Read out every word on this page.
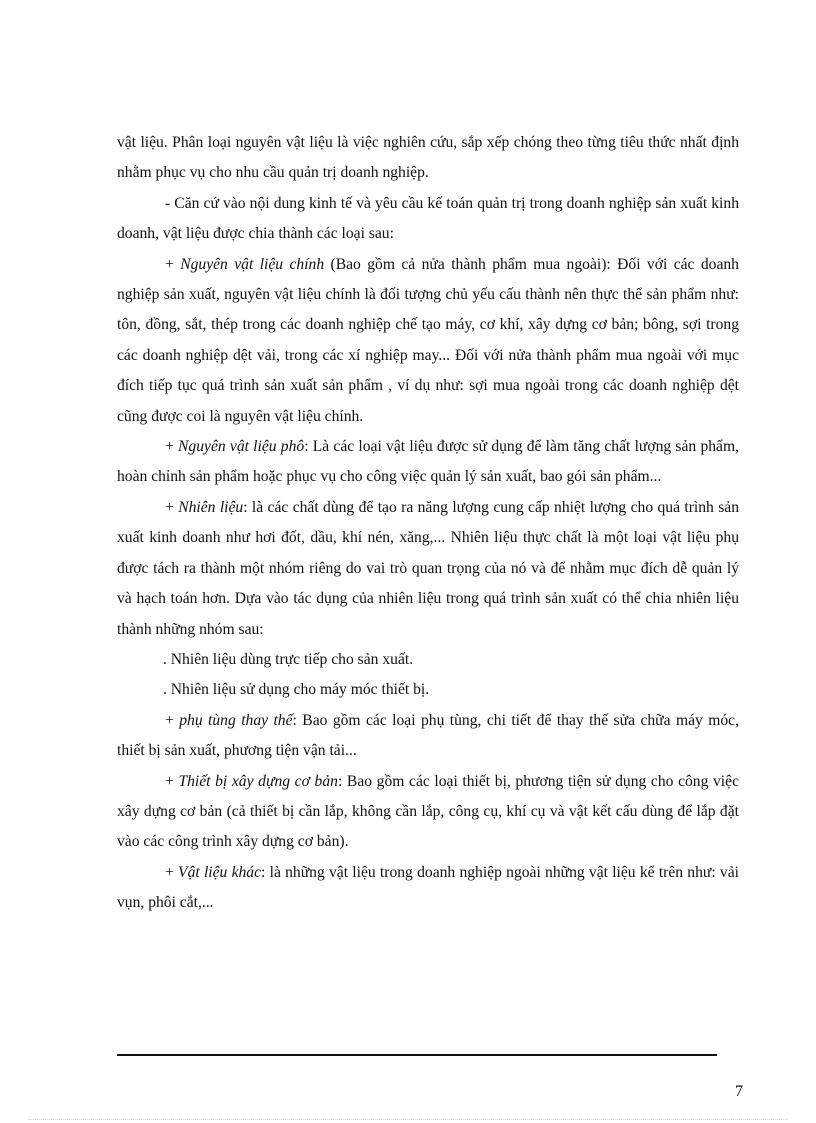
vật liệu. Phân loại nguyên vật liệu là việc nghiên cứu, sắp xếp chóng theo từng tiêu thức nhất định nhằm phục vụ cho nhu cầu quản trị doanh nghiệp.

- Căn cứ vào nội dung kinh tế và yêu cầu kế toán quản trị trong doanh nghiệp sản xuất kinh doanh, vật liệu được chia thành các loại sau:

+ Nguyên vật liệu chính (Bao gồm cả nửa thành phẩm mua ngoài): Đối với các doanh nghiệp sản xuất, nguyên vật liệu chính là đối tượng chủ yếu cấu thành nên thực thể sản phẩm như: tôn, đồng, sắt, thép trong các doanh nghiệp chế tạo máy, cơ khí, xây dựng cơ bản; bông, sợi trong các doanh nghiệp dệt vải, trong các xí nghiệp may... Đối với nửa thành phẩm mua ngoài với mục đích tiếp tục quá trình sản xuất sản phẩm , ví dụ như: sợi mua ngoài trong các doanh nghiệp dệt cũng được coi là nguyên vật liệu chính.

+ Nguyên vật liệu phô: Là các loại vật liệu được sử dụng để làm tăng chất lượng sản phẩm, hoàn chỉnh sản phẩm hoặc phục vụ cho công việc quản lý sản xuất, bao gói sản phẩm...

+ Nhiên liệu: là các chất dùng để tạo ra năng lượng cung cấp nhiệt lượng cho quá trình sản xuất kinh doanh như hơi đốt, dầu, khí nén, xăng,... Nhiên liệu thực chất là một loại vật liệu phụ được tách ra thành một nhóm riêng do vai trò quan trọng của nó và để nhằm mục đích dễ quản lý và hạch toán hơn. Dựa vào tác dụng của nhiên liệu trong quá trình sản xuất có thể chia nhiên liệu thành những nhóm sau:

. Nhiên liệu dùng trực tiếp cho sản xuất.

. Nhiên liệu sử dụng cho máy móc thiết bị.

+ phụ tùng thay thế: Bao gồm các loại phụ tùng, chi tiết để thay thế sửa chữa máy móc, thiết bị sản xuất, phương tiện vận tải...

+ Thiết bị xây dựng cơ bản: Bao gồm các loại thiết bị, phương tiện sử dụng cho công việc xây dựng cơ bản (cả thiết bị cần lắp, không cần lắp, công cụ, khí cụ và vật kết cấu dùng để lắp đặt vào các công trình xây dựng cơ bản).

+ Vật liệu khác: là những vật liệu trong doanh nghiệp ngoài những vật liệu kể trên như: vải vụn, phôi cắt,...

7
